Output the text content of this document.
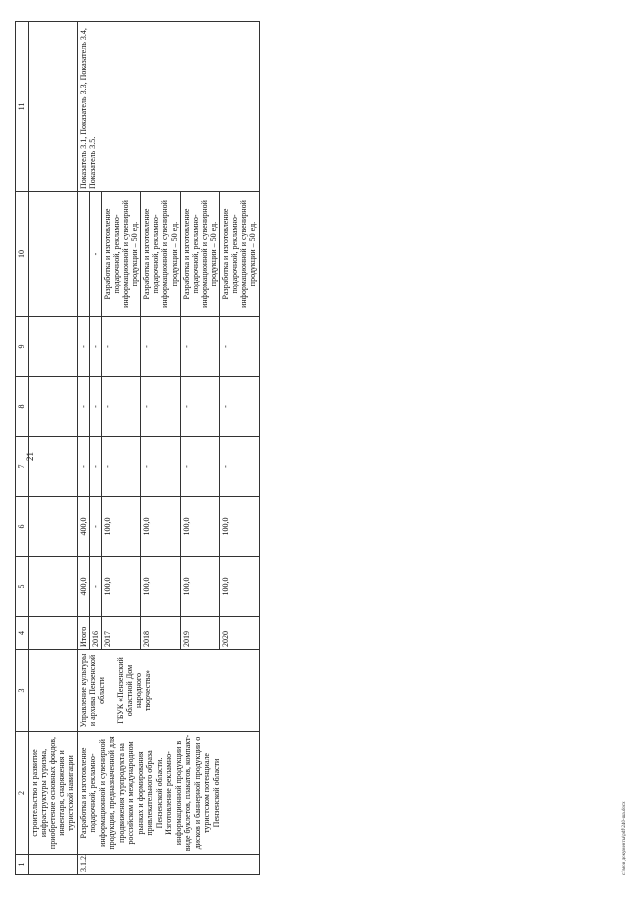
21
1	2	3	4	5	6	7	8	9	10	11
	строительство и развитие инфраструктуры туризма, приобретение основных фондов, инвентаря, снаряжения и туристской навигации									
3.1.2.	Разработка и изготовление подарочной, рекламно-информационной и сувенирной продукции, предназначенной для продвижения турпродукта на российском и международном рынках и формирования привлекательного образа Пензенской области. Изготовление рекламно-информационной продукции в виде буклетов, плакатов, компакт-дисков и баннерной продукции о туристском потенциале Пензенской области	Управление культуры и архива Пензенской области ГБУК «Пензенский областной Дом народного творчества»	Итого	400,0	400,0	-	-	-		Показатель 3.1, Показатель 3.3, Показатель 3.4, Показатель 3.5.
			2016	-	-	-	-	-	-	
			2017	100,0	100,0	-	-	-	Разработка и изготовление подарочной, рекламно-информационной и сувенирной продукции – 50 ед.	
			2018	100,0	100,0	-	-	-	Разработка и изготовление подарочной, рекламно-информационной и сувенирной продукции – 50 ед.	
			2019	100,0	100,0	-	-	-	Разработка и изготовление подарочной, рекламно-информационной и сувенирной продукции – 50 ед.	
			2020	100,0	100,0	-	-	-	Разработка и изготовление подарочной, рекламно-информационной и сувенирной продукции – 50 ед.	
c:\мои документы\pdf\240-ша.docx
